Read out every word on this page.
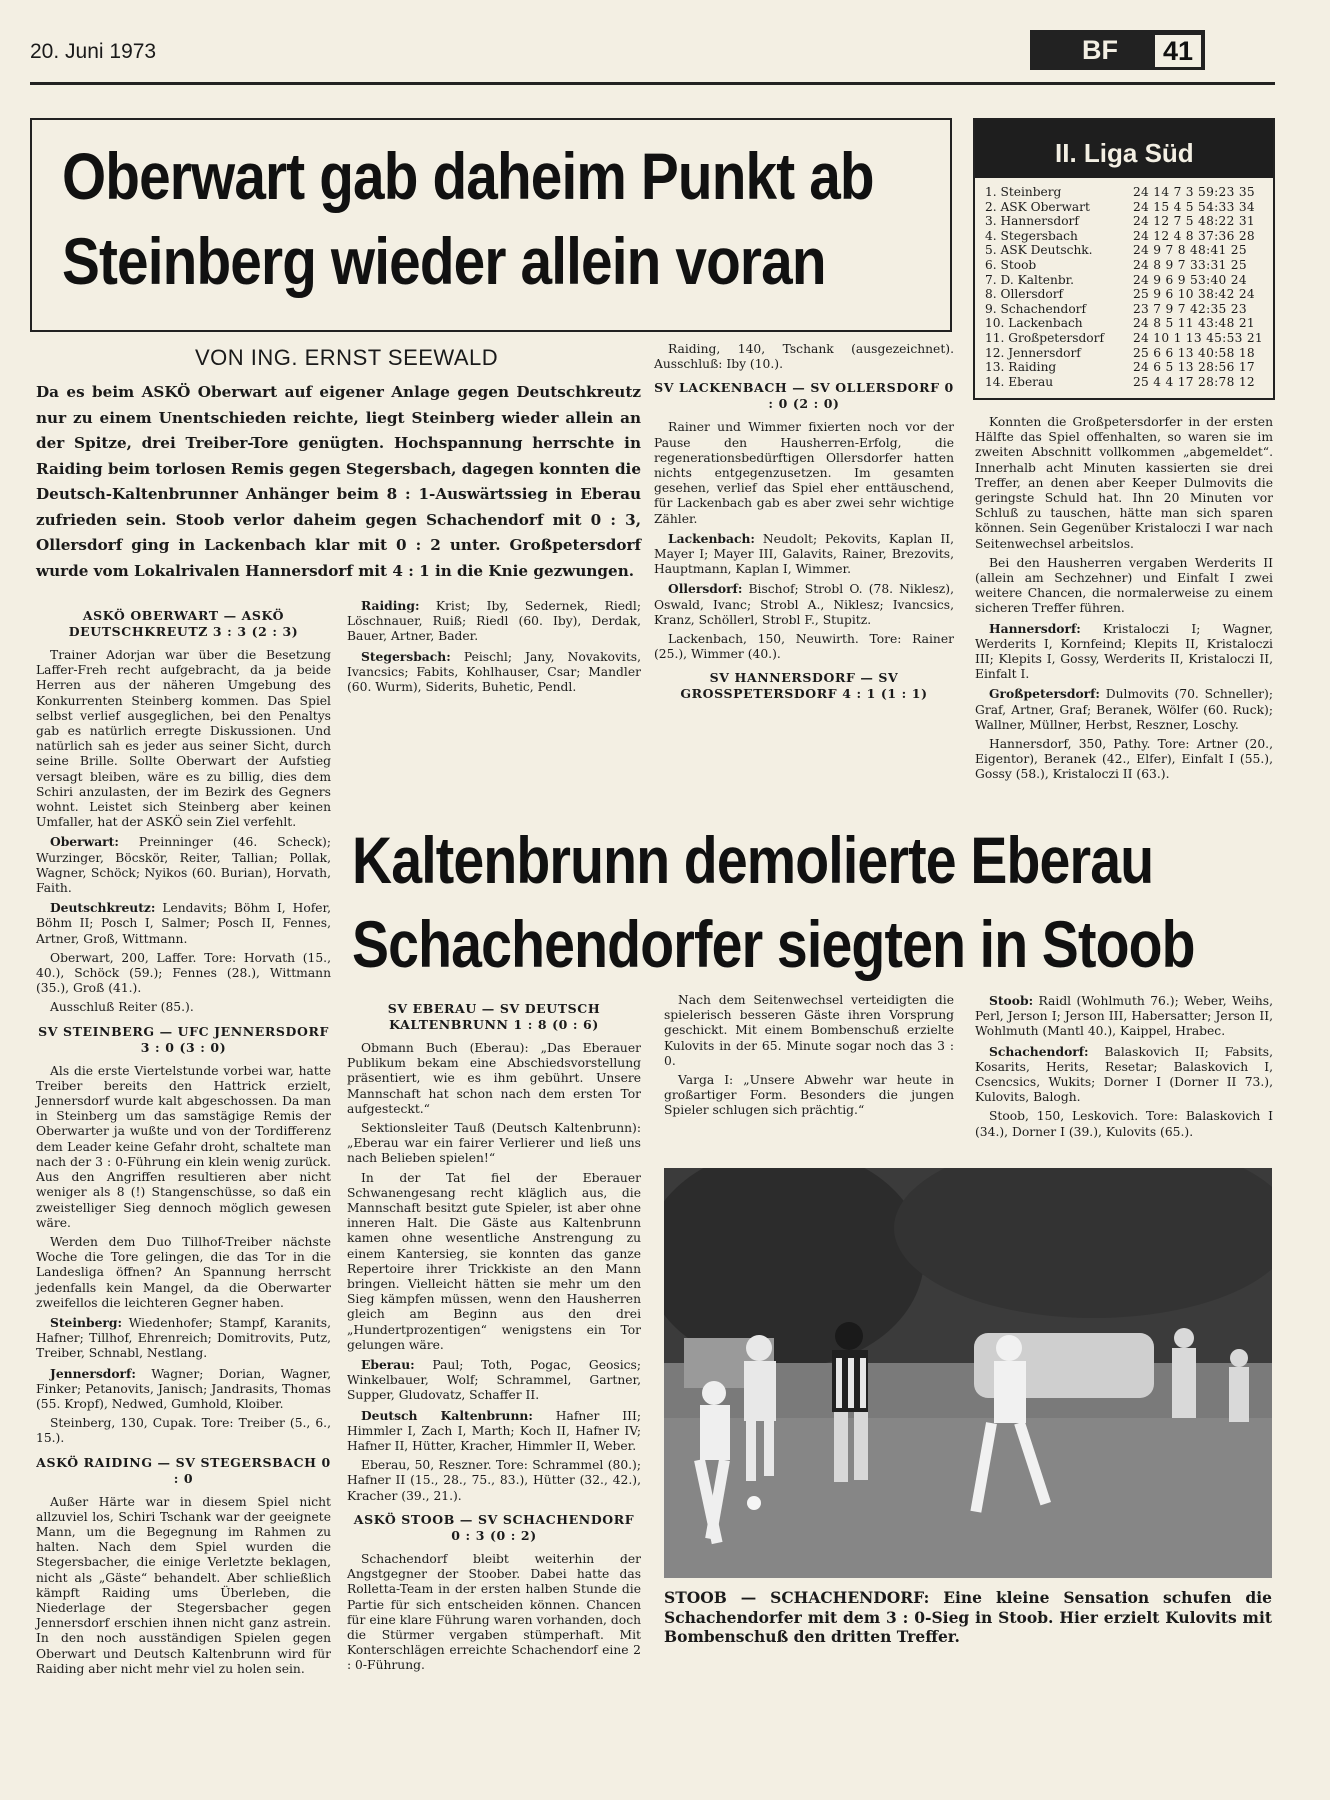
20. Juni 1973	BF	41
Oberwart gab daheim Punkt ab
Steinberg wieder allein voran
VON ING. ERNST SEEWALD
Da es beim ASKÖ Oberwart auf eigener Anlage gegen Deutschkreutz nur zu einem Unentschieden reichte, liegt Steinberg wieder allein an der Spitze, drei Treiber-Tore genügten. Hochspannung herrschte in Raiding beim torlosen Remis gegen Stegersbach, dagegen konnten die Deutsch-Kaltenbrunner Anhänger beim 8 : 1-Auswärtssieg in Eberau zufrieden sein. Stoob verlor daheim gegen Schachendorf mit 0 : 3, Ollersdorf ging in Lackenbach klar mit 0 : 2 unter. Großpetersdorf wurde vom Lokalrivalen Hannersdorf mit 4 : 1 in die Knie gezwungen.
ASKÖ OBERWART — ASKÖ DEUTSCHKREUTZ 3 : 3 (2 : 3)

Trainer Adorjan war über die Besetzung Laffer-Freh recht aufgebracht, da ja beide Herren aus der näheren Umgebung des Konkurrenten Steinberg kommen. Das Spiel selbst verlief ausgeglichen, bei den Penaltys gab es natürlich erregte Diskussionen. Und natürlich sah es jeder aus seiner Sicht, durch seine Brille. Sollte Oberwart der Aufstieg versagt bleiben, wäre es zu billig, dies dem Schiri anzulasten, der im Bezirk des Gegners wohnt. Leistet sich Steinberg aber keinen Umfaller, hat der ASKÖ sein Ziel verfehlt.

Oberwart: Preinninger (46. Scheck); Wurzinger, Böcskör, Reiter, Tallian; Pollak, Wagner, Schöck; Nyikos (60. Burian), Horvath, Faith.

Deutschkreutz: Lendavits; Böhm I, Hofer, Böhm II; Posch I, Salmer; Posch II, Fennes, Artner, Groß, Wittmann.

Oberwart, 200, Laffer. Tore: Horvath (15., 40.), Schöck (59.); Fennes (28.), Wittmann (35.), Groß (41.).

Ausschluß Reiter (85.).

SV STEINBERG — UFC JENNERSDORF 3 : 0 (3 : 0)

Als die erste Viertelstunde vorbei war, hatte Treiber bereits den Hattrick erzielt, Jennersdorf wurde kalt abgeschossen. Da man in Steinberg um das samstägige Remis der Oberwarter ja wußte und von der Tordifferenz dem Leader keine Gefahr droht, schaltete man nach der 3 : 0-Führung ein klein wenig zurück. Aus den Angriffen resultieren aber nicht weniger als 8 (!) Stangenschüsse, so daß ein zweistelliger Sieg dennoch möglich gewesen wäre.

Werden dem Duo Tillhof-Treiber nächste Woche die Tore gelingen, die das Tor in die Landesliga öffnen? An Spannung herrscht jedenfalls kein Mangel, da die Oberwarter zweifellos die leichteren Gegner haben.

Steinberg: Wiedenhofer; Stampf, Karanits, Hafner; Tillhof, Ehrenreich; Domitrovits, Putz, Treiber, Schnabl, Nestlang.

Jennersdorf: Wagner; Dorian, Wagner, Finker; Petanovits, Janisch; Jandrasits, Thomas (55. Kropf), Nedwed, Gumhold, Kloiber.

Steinberg, 130, Cupak. Tore: Treiber (5., 6., 15.).

ASKÖ RAIDING — SV STEGERSBACH 0 : 0

Außer Härte war in diesem Spiel nicht allzuviel los, Schiri Tschank war der geeignete Mann, um die Begegnung im Rahmen zu halten. Nach dem Spiel wurden die Stegersbacher, die einige Verletzte beklagen, nicht als „Gäste“ behandelt. Aber schließlich kämpft Raiding ums Überleben, die Niederlage der Stegersbacher gegen Jennersdorf erschien ihnen nicht ganz astrein. In den noch ausständigen Spielen gegen Oberwart und Deutsch Kaltenbrunn wird für Raiding aber nicht mehr viel zu holen sein.

Raiding: Krist; Iby, Sedernek, Riedl; Löschnauer, Ruiß; Riedl (60. Iby), Derdak, Bauer, Artner, Bader.

Stegersbach: Peischl; Jany, Novakovits, Ivancsics; Fabits, Kohlhauser, Csar; Mandler (60. Wurm), Siderits, Buhetic, Pendl.

Raiding, 140, Tschank (ausgezeichnet). Ausschluß: Iby (10.).

SV LACKENBACH — SV OLLERSDORF 0 : 0 (2 : 0)

Rainer und Wimmer fixierten noch vor der Pause den Hausherren-Erfolg, die regenerationsbedürftigen Ollersdorfer hatten nichts entgegenzusetzen. Im gesamten gesehen, verlief das Spiel eher enttäuschend, für Lackenbach gab es aber zwei sehr wichtige Zähler.

Lackenbach: Neudolt; Pekovits, Kaplan II, Mayer I; Mayer III, Galavits, Rainer, Brezovits, Hauptmann, Kaplan I, Wimmer.

Ollersdorf: Bischof; Strobl O. (78. Niklesz), Oswald, Ivanc; Strobl A., Niklesz; Ivancsics, Kranz, Schöllerl, Strobl F., Stupitz.

Lackenbach, 150, Neuwirth. Tore: Rainer (25.), Wimmer (40.).

SV HANNERSDORF — SV GROSSPETERSDORF 4 : 1 (1 : 1)
II. Liga Süd
1. Steinberg	24 14 7 3 59:23 35
2. ASK Oberwart	24 15 4 5 54:33 34
3. Hannersdorf	24 12 7 5 48:22 31
4. Stegersbach	24 12 4 8 37:36 28
5. ASK Deutschk.	24 9 7 8 48:41 25
6. Stoob	24 8 9 7 33:31 25
7. D. Kaltenbr.	24 9 6 9 53:40 24
8. Ollersdorf	25 9 6 10 38:42 24
9. Schachendorf	23 7 9 7 42:35 23
10. Lackenbach	24 8 5 11 43:48 21
11. Großpetersdorf	24 10 1 13 45:53 21
12. Jennersdorf	25 6 6 13 40:58 18
13. Raiding	24 6 5 13 28:56 17
14. Eberau	25 4 4 17 28:78 12

Konnten die Großpetersdorfer in der ersten Hälfte das Spiel offenhalten, so waren sie im zweiten Abschnitt vollkommen „abgemeldet“. Innerhalb acht Minuten kassierten sie drei Treffer, an denen aber Keeper Dulmovits die geringste Schuld hat. Ihn 20 Minuten vor Schluß zu tauschen, hätte man sich sparen können. Sein Gegenüber Kristaloczi I war nach Seitenwechsel arbeitslos.

Bei den Hausherren vergaben Werderits II (allein am Sechzehner) und Einfalt I zwei weitere Chancen, die normalerweise zu einem sicheren Treffer führen.

Hannersdorf: Kristaloczi I; Wagner, Werderits I, Kornfeind; Klepits II, Kristaloczi III; Klepits I, Gossy, Werderits II, Kristaloczi II, Einfalt I.

Großpetersdorf: Dulmovits (70. Schneller); Graf, Artner, Graf; Beranek, Wölfer (60. Ruck); Wallner, Müllner, Herbst, Reszner, Loschy.

Hannersdorf, 350, Pathy. Tore: Artner (20., Eigentor), Beranek (42., Elfer), Einfalt I (55.), Gossy (58.), Kristaloczi II (63.).

Kaltenbrunn demolierte Eberau
Schachendorfer siegten in Stoob
SV EBERAU — SV DEUTSCH KALTENBRUNN 1 : 8 (0 : 6)

Obmann Buch (Eberau): „Das Eberauer Publikum bekam eine Abschiedsvorstellung präsentiert, wie es ihm gebührt. Unsere Mannschaft hat schon nach dem ersten Tor aufgesteckt.“

Sektionsleiter Tauß (Deutsch Kaltenbrunn): „Eberau war ein fairer Verlierer und ließ uns nach Belieben spielen!“

In der Tat fiel der Eberauer Schwanengesang recht kläglich aus, die Mannschaft besitzt gute Spieler, ist aber ohne inneren Halt. Die Gäste aus Kaltenbrunn kamen ohne wesentliche Anstrengung zu einem Kantersieg, sie konnten das ganze Repertoire ihrer Trickkiste an den Mann bringen. Vielleicht hätten sie mehr um den Sieg kämpfen müssen, wenn den Hausherren gleich am Beginn aus den drei „Hundertprozentigen“ wenigstens ein Tor gelungen wäre.

Eberau: Paul; Toth, Pogac, Geosics; Winkelbauer, Wolf; Schrammel, Gartner, Supper, Gludovatz, Schaffer II.

Deutsch Kaltenbrunn: Hafner III; Himmler I, Zach I, Marth; Koch II, Hafner IV; Hafner II, Hütter, Kracher, Himmler II, Weber.

Eberau, 50, Reszner. Tore: Schrammel (80.); Hafner II (15., 28., 75., 83.), Hütter (32., 42.), Kracher (39., 21.).

ASKÖ STOOB — SV SCHACHENDORF 0 : 3 (0 : 2)

Schachendorf bleibt weiterhin der Angstgegner der Stoober. Dabei hatte das Rolletta-Team in der ersten halben Stunde die Partie für sich entscheiden können. Chancen für eine klare Führung waren vorhanden, doch die Stürmer vergaben stümperhaft. Mit Konterschlägen erreichte Schachendorf eine 2 : 0-Führung.

Nach dem Seitenwechsel verteidigten die spielerisch besseren Gäste ihren Vorsprung geschickt. Mit einem Bombenschuß erzielte Kulovits in der 65. Minute sogar noch das 3 : 0.

Varga I: „Unsere Abwehr war heute in großartiger Form. Besonders die jungen Spieler schlugen sich prächtig.“

Stoob: Raidl (Wohlmuth 76.); Weber, Weihs, Perl, Jerson I; Jerson III, Habersatter; Jerson II, Wohlmuth (Mantl 40.), Kaippel, Hrabec.

Schachendorf: Balaskovich II; Fabsits, Kosarits, Herits, Resetar; Balaskovich I, Csencsics, Wukits; Dorner I (Dorner II 73.), Kulovits, Balogh.

Stoob, 150, Leskovich. Tore: Balaskovich I (34.), Dorner I (39.), Kulovits (65.).

STOOB — SCHACHENDORF: Eine kleine Sensation schufen die Schachendorfer mit dem 3 : 0-Sieg in Stoob. Hier erzielt Kulovits mit Bombenschuß den dritten Treffer.
